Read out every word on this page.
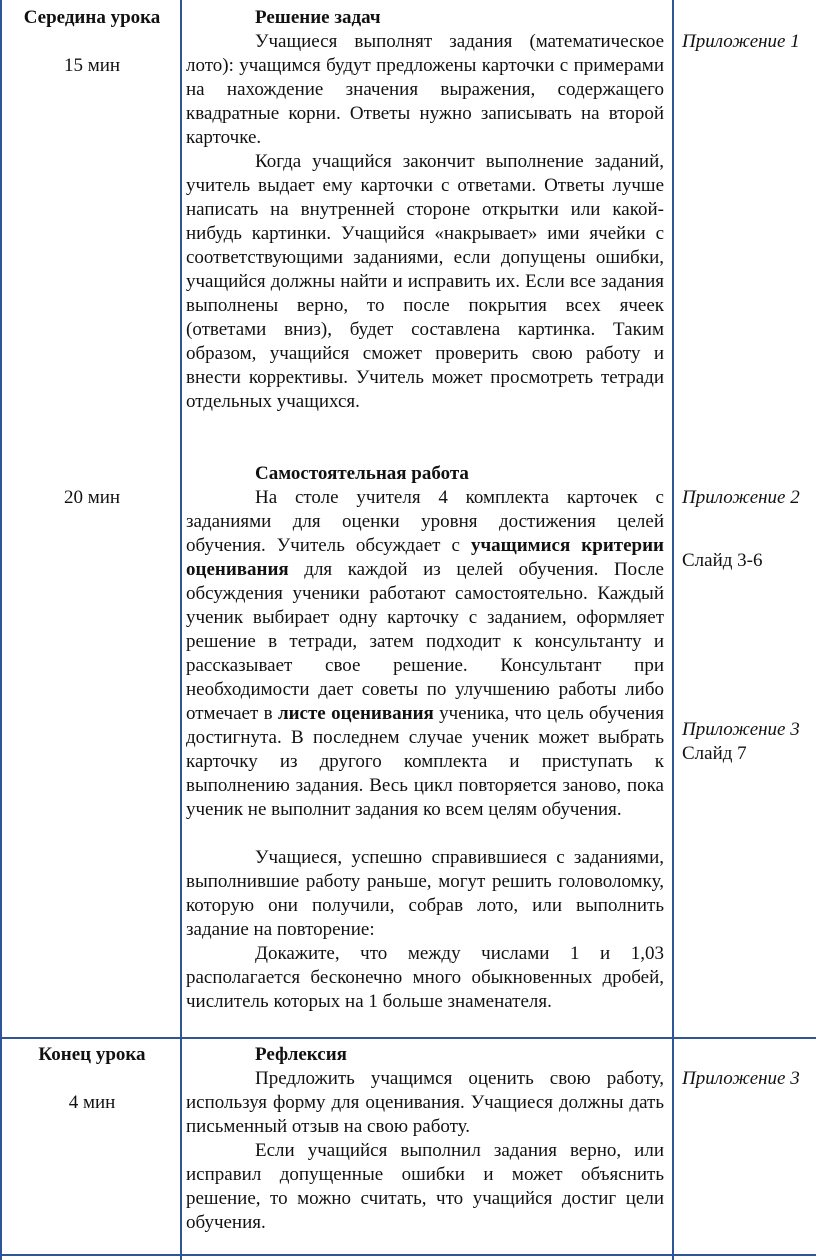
Середина урока
15 мин
20 мин
Решение задач

Учащиеся выполнят задания (математическое лото): учащимся будут предложены карточки с примерами на нахождение значения выражения, содержащего квадратные корни. Ответы нужно записывать на второй карточке.

Когда учащийся закончит выполнение заданий, учитель выдает ему карточки с ответами. Ответы лучше написать на внутренней стороне открытки или какой-нибудь картинки. Учащийся «накрывает» ими ячейки с соответствующими заданиями, если допущены ошибки, учащийся должны найти и исправить их. Если все задания выполнены верно, то после покрытия всех ячеек (ответами вниз), будет составлена картинка. Таким образом, учащийся сможет проверить свою работу и внести коррективы. Учитель может просмотреть тетради отдельных учащихся.

Самостоятельная работа

На столе учителя 4 комплекта карточек с заданиями для оценки уровня достижения целей обучения. Учитель обсуждает с учащимися критерии оценивания для каждой из целей обучения. После обсуждения ученики работают самостоятельно. Каждый ученик выбирает одну карточку с заданием, оформляет решение в тетради, затем подходит к консультанту и рассказывает свое решение. Консультант при необходимости дает советы по улучшению работы либо отмечает в листе оценивания ученика, что цель обучения достигнута. В последнем случае ученик может выбрать карточку из другого комплекта и приступать к выполнению задания. Весь цикл повторяется заново, пока ученик не выполнит задания ко всем целям обучения.

Учащиеся, успешно справившиеся с заданиями, выполнившие работу раньше, могут решить головоломку, которую они получили, собрав лото, или выполнить задание на повторение:

Докажите, что между числами 1 и 1,03 располагается бесконечно много обыкновенных дробей, числитель которых на 1 больше знаменателя.

Приложение 1
Приложение 2
Слайд 3-6
Приложение 3
Слайд 7
Конец урока
4 мин
Рефлексия

Предложить учащимся оценить свою работу, используя форму для оценивания. Учащиеся должны дать письменный отзыв на свою работу.

Если учащийся выполнил задания верно, или исправил допущенные ошибки и может объяснить решение, то можно считать, что учащийся достиг цели обучения.

Приложение 3
